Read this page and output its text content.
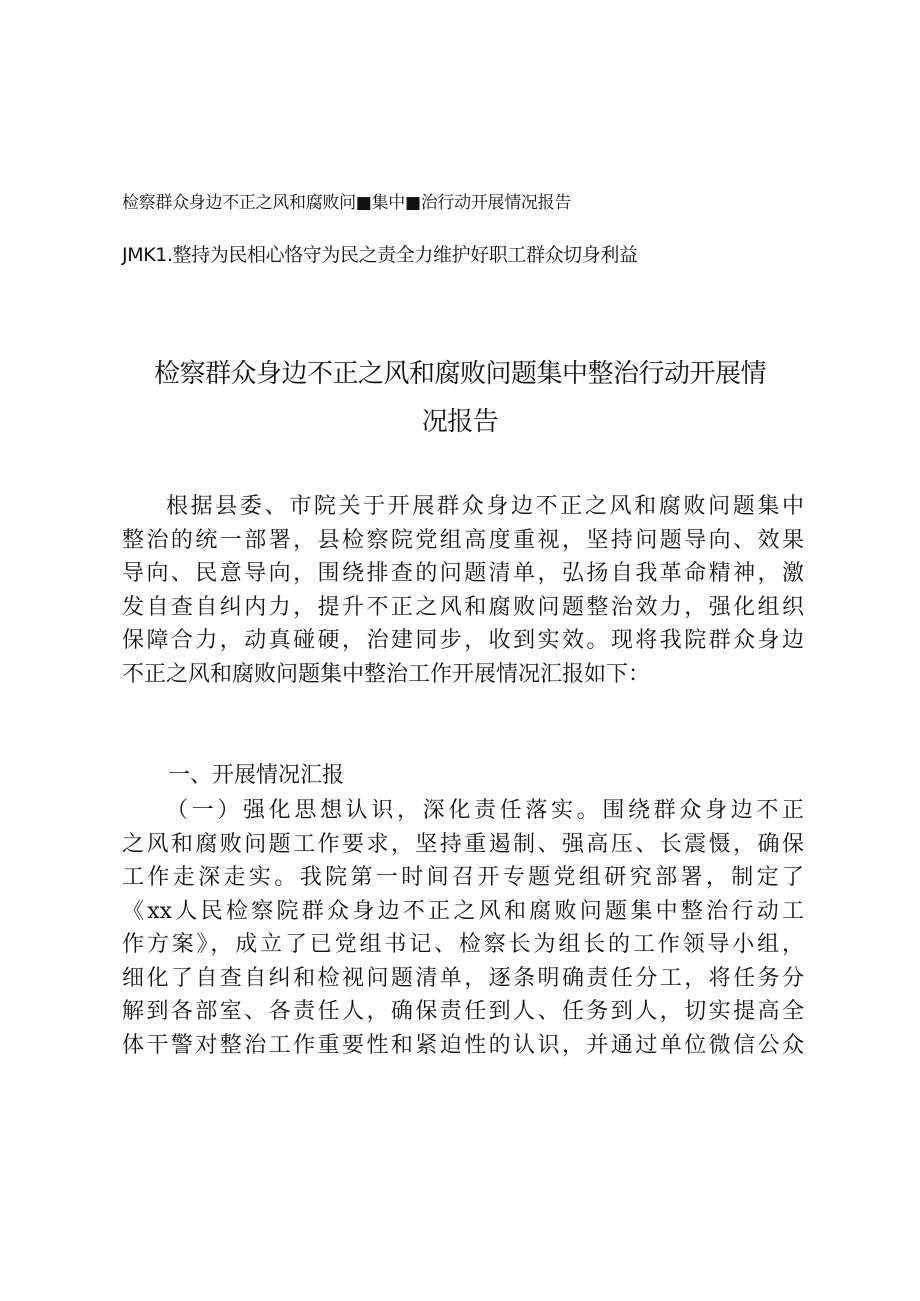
检察群众身边不正之风和腐败问■集中■治行动开展情况报告
JMK1.整持为民相心恪守为民之责全力维护好职工群众切身利益
检察群众身边不正之风和腐败问题集中整治行动开展情
况报告
根据县委、市院关于开展群众身边不正之风和腐败问题集中
整治的统一部署，县检察院党组高度重视，坚持问题导向、效果
导向、民意导向，围绕排查的问题清单，弘扬自我革命精神，激
发自查自纠内力，提升不正之风和腐败问题整治效力，强化组织
保障合力，动真碰硬，治建同步，收到实效。现将我院群众身边
不正之风和腐败问题集中整治工作开展情况汇报如下：
一、开展情况汇报
（一）强化思想认识，深化责任落实。围绕群众身边不正
之风和腐败问题工作要求，坚持重遏制、强高压、长震慑，确保
工作走深走实。我院第一时间召开专题党组研究部署，制定了
《xx人民检察院群众身边不正之风和腐败问题集中整治行动工
作方案》，成立了已党组书记、检察长为组长的工作领导小组，
细化了自查自纠和检视问题清单，逐条明确责任分工，将任务分
解到各部室、各责任人，确保责任到人、任务到人，切实提高全
体干警对整治工作重要性和紧迫性的认识，并通过单位微信公众
